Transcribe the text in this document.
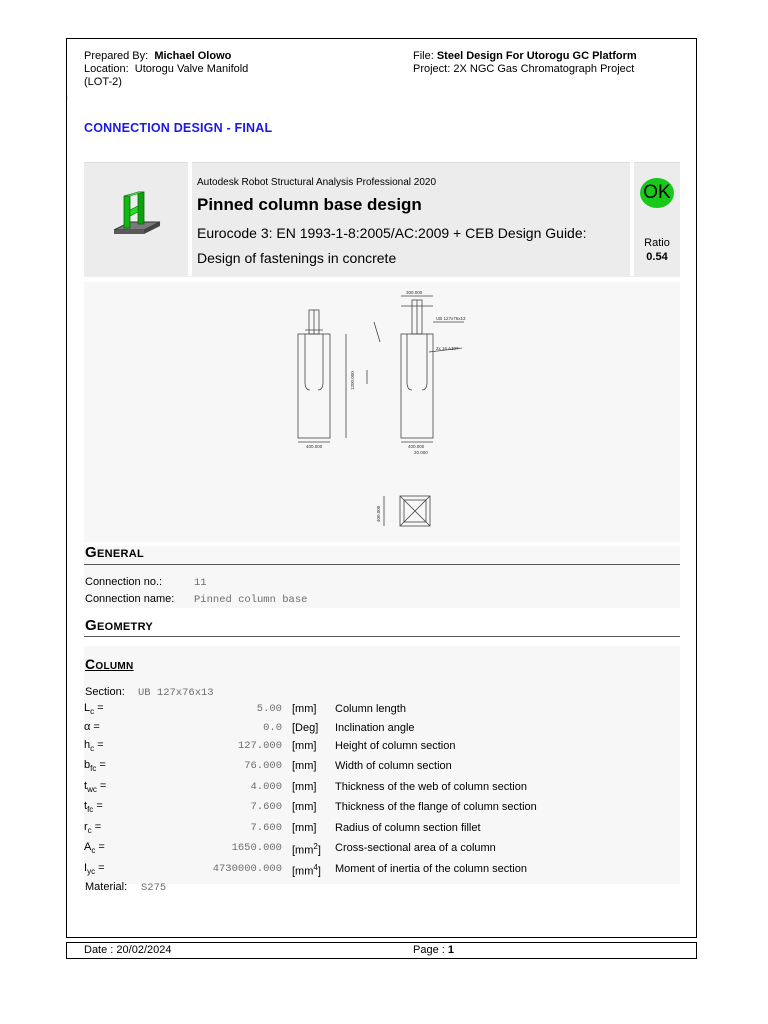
Prepared By: Michael Olowo
Location: Utorogu Valve Manifold
(LOT-2)
File: Steel Design For Utorogu GC Platform
Project: 2X NGC Gas Chromatograph Project
ı
CONNECTION DESIGN - FINAL
Autodesk Robot Structural Analysis Professional 2020
Pinned column base design
Eurocode 3: EN 1993-1-8:2005/AC:2009 + CEB Design Guide:
Design of fastenings in concrete
OK
Ratio
0.54
300.000
UB 127x76x13
2x 16 A307
400.000	400.000
20.000
1200.000
400.000
General
Connection no.:	11
Connection name: Pinned column base
Geometry
Column
Section: UB 127x76x13
$L_c$ =	5.00 [mm] Column length
α =	0.0 [Deg] Inclination angle
$h_c$ =	127.000 [mm] Height of column section
$b_{fc}$ =	76.000 [mm] Width of column section
$t_{wc}$ =	4.000 [mm] Thickness of the web of column section
$t_{fc}$ =	7.600 [mm] Thickness of the flange of column section
$r_c$ =	7.600 [mm] Radius of column section fillet
$A_c$ =	1650.000 $[mm^2]$ Cross-sectional area of a column
$I_{yc}$ =	4730000.000 $[mm^4]$ Moment of inertia of the column section
Material: S275
Date : 20/02/2024	Page : 1
